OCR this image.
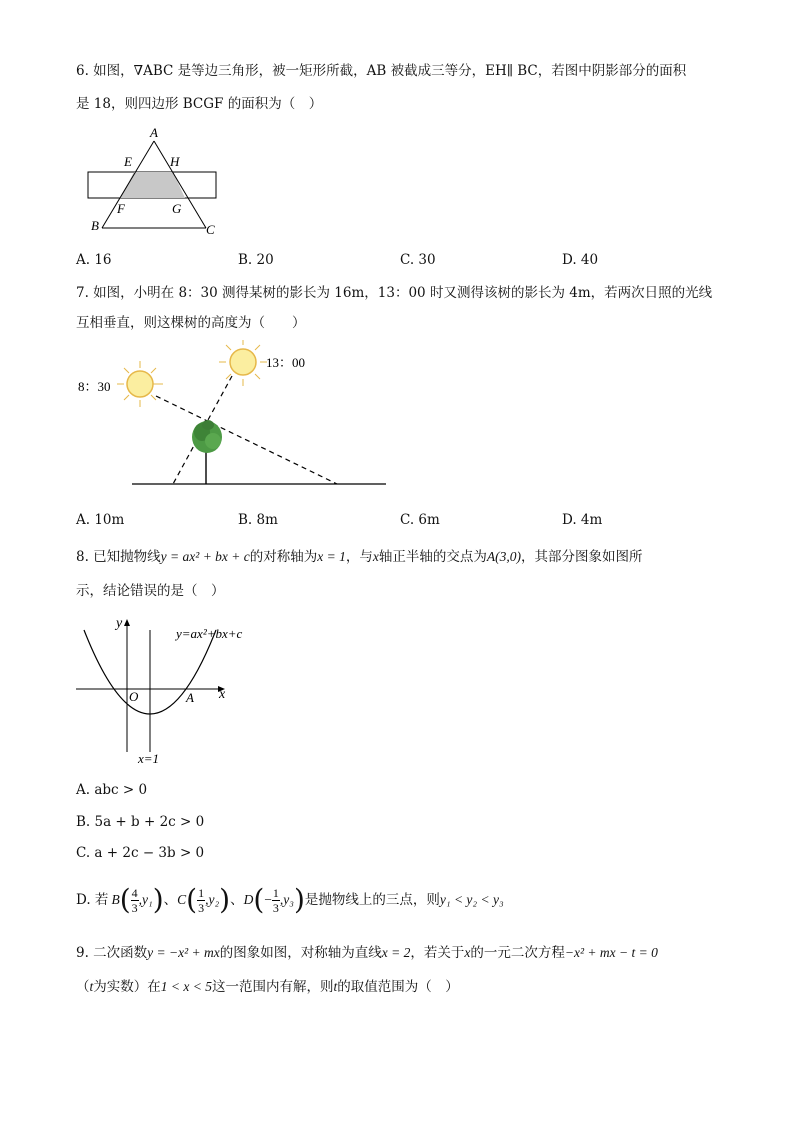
6. 如图，∇ABC 是等边三角形，被一矩形所截，AB 被截成三等分，EH∥ BC，若图中阴影部分的面积
是 18，则四边形 BCGF 的面积为（　）
A
E	H
F	G
B	C
A. 16	B. 20	C. 30	D. 40
7. 如图，小明在 8：30 测得某树的影长为 16m，13：00 时又测得该树的影长为 4m，若两次日照的光线
互相垂直，则这棵树的高度为（　　）
8：30
13：00
A. 10m	B. 8m	C. 6m	D. 4m
8. 已知抛物线y = ax² + bx + c的对称轴为x = 1，与x轴正半轴的交点为A(3,0)，其部分图象如图所
示，结论错误的是（　）
y
y=ax²+bx+c
O	A x
x=1
A. abc > 0
B. 5a + b + 2c > 0
C. a + 2c − 3b > 0
D. 若 B ( $\frac{4}{3} ,y_1$ ) 、 C ( $\frac{1}{3} ,y_2$ ) 、 D ( − $\frac{1}{3} ,y_3$ ) 是抛物线上的三点，则 y₁ < y₂ < y₃
9. 二次函数y = −x² + mx的图象如图，对称轴为直线x = 2，若关于x的一元二次方程−x² + mx − t = 0
（t为实数）在1 < x < 5这一范围内有解，则t的取值范围为（　）
